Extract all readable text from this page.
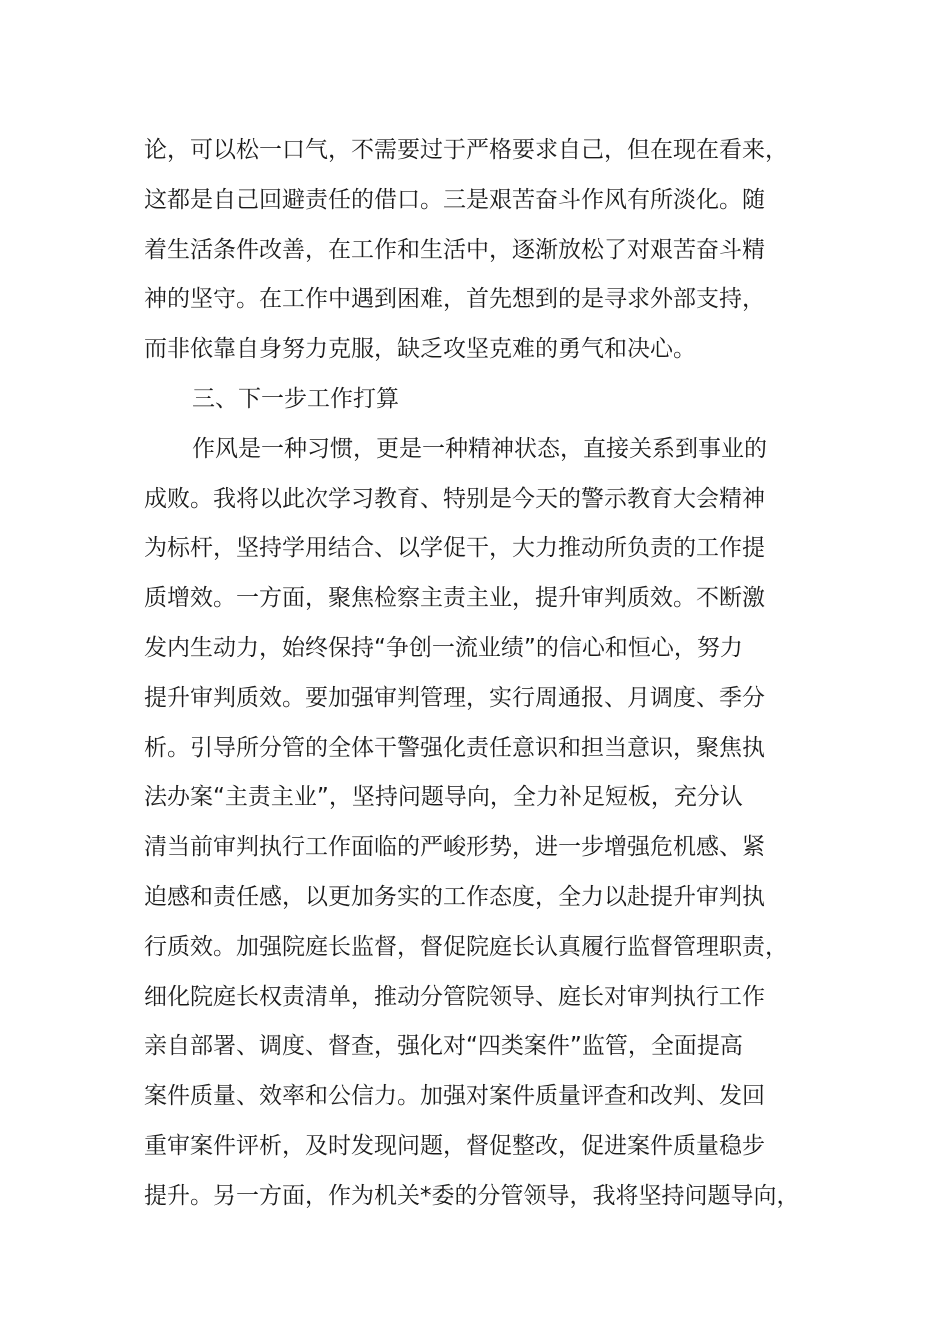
论，可以松一口气，不需要过于严格要求自己，但在现在看来，
这都是自己回避责任的借口。三是艰苦奋斗作风有所淡化。随
着生活条件改善，在工作和生活中，逐渐放松了对艰苦奋斗精
神的坚守。在工作中遇到困难，首先想到的是寻求外部支持，
而非依靠自身努力克服，缺乏攻坚克难的勇气和决心。
三、下一步工作打算
作风是一种习惯，更是一种精神状态，直接关系到事业的
成败。我将以此次学习教育、特别是今天的警示教育大会精神
为标杆，坚持学用结合、以学促干，大力推动所负责的工作提
质增效。一方面，聚焦检察主责主业，提升审判质效。不断激
发内生动力，始终保持“争创一流业绩”的信心和恒心，努力
提升审判质效。要加强审判管理，实行周通报、月调度、季分
析。引导所分管的全体干警强化责任意识和担当意识，聚焦执
法办案“主责主业”，坚持问题导向，全力补足短板，充分认
清当前审判执行工作面临的严峻形势，进一步增强危机感、紧
迫感和责任感，以更加务实的工作态度，全力以赴提升审判执
行质效。加强院庭长监督，督促院庭长认真履行监督管理职责，
细化院庭长权责清单，推动分管院领导、庭长对审判执行工作
亲自部署、调度、督查，强化对“四类案件”监管，全面提高
案件质量、效率和公信力。加强对案件质量评查和改判、发回
重审案件评析，及时发现问题，督促整改，促进案件质量稳步
提升。另一方面，作为机关*委的分管领导，我将坚持问题导向，
